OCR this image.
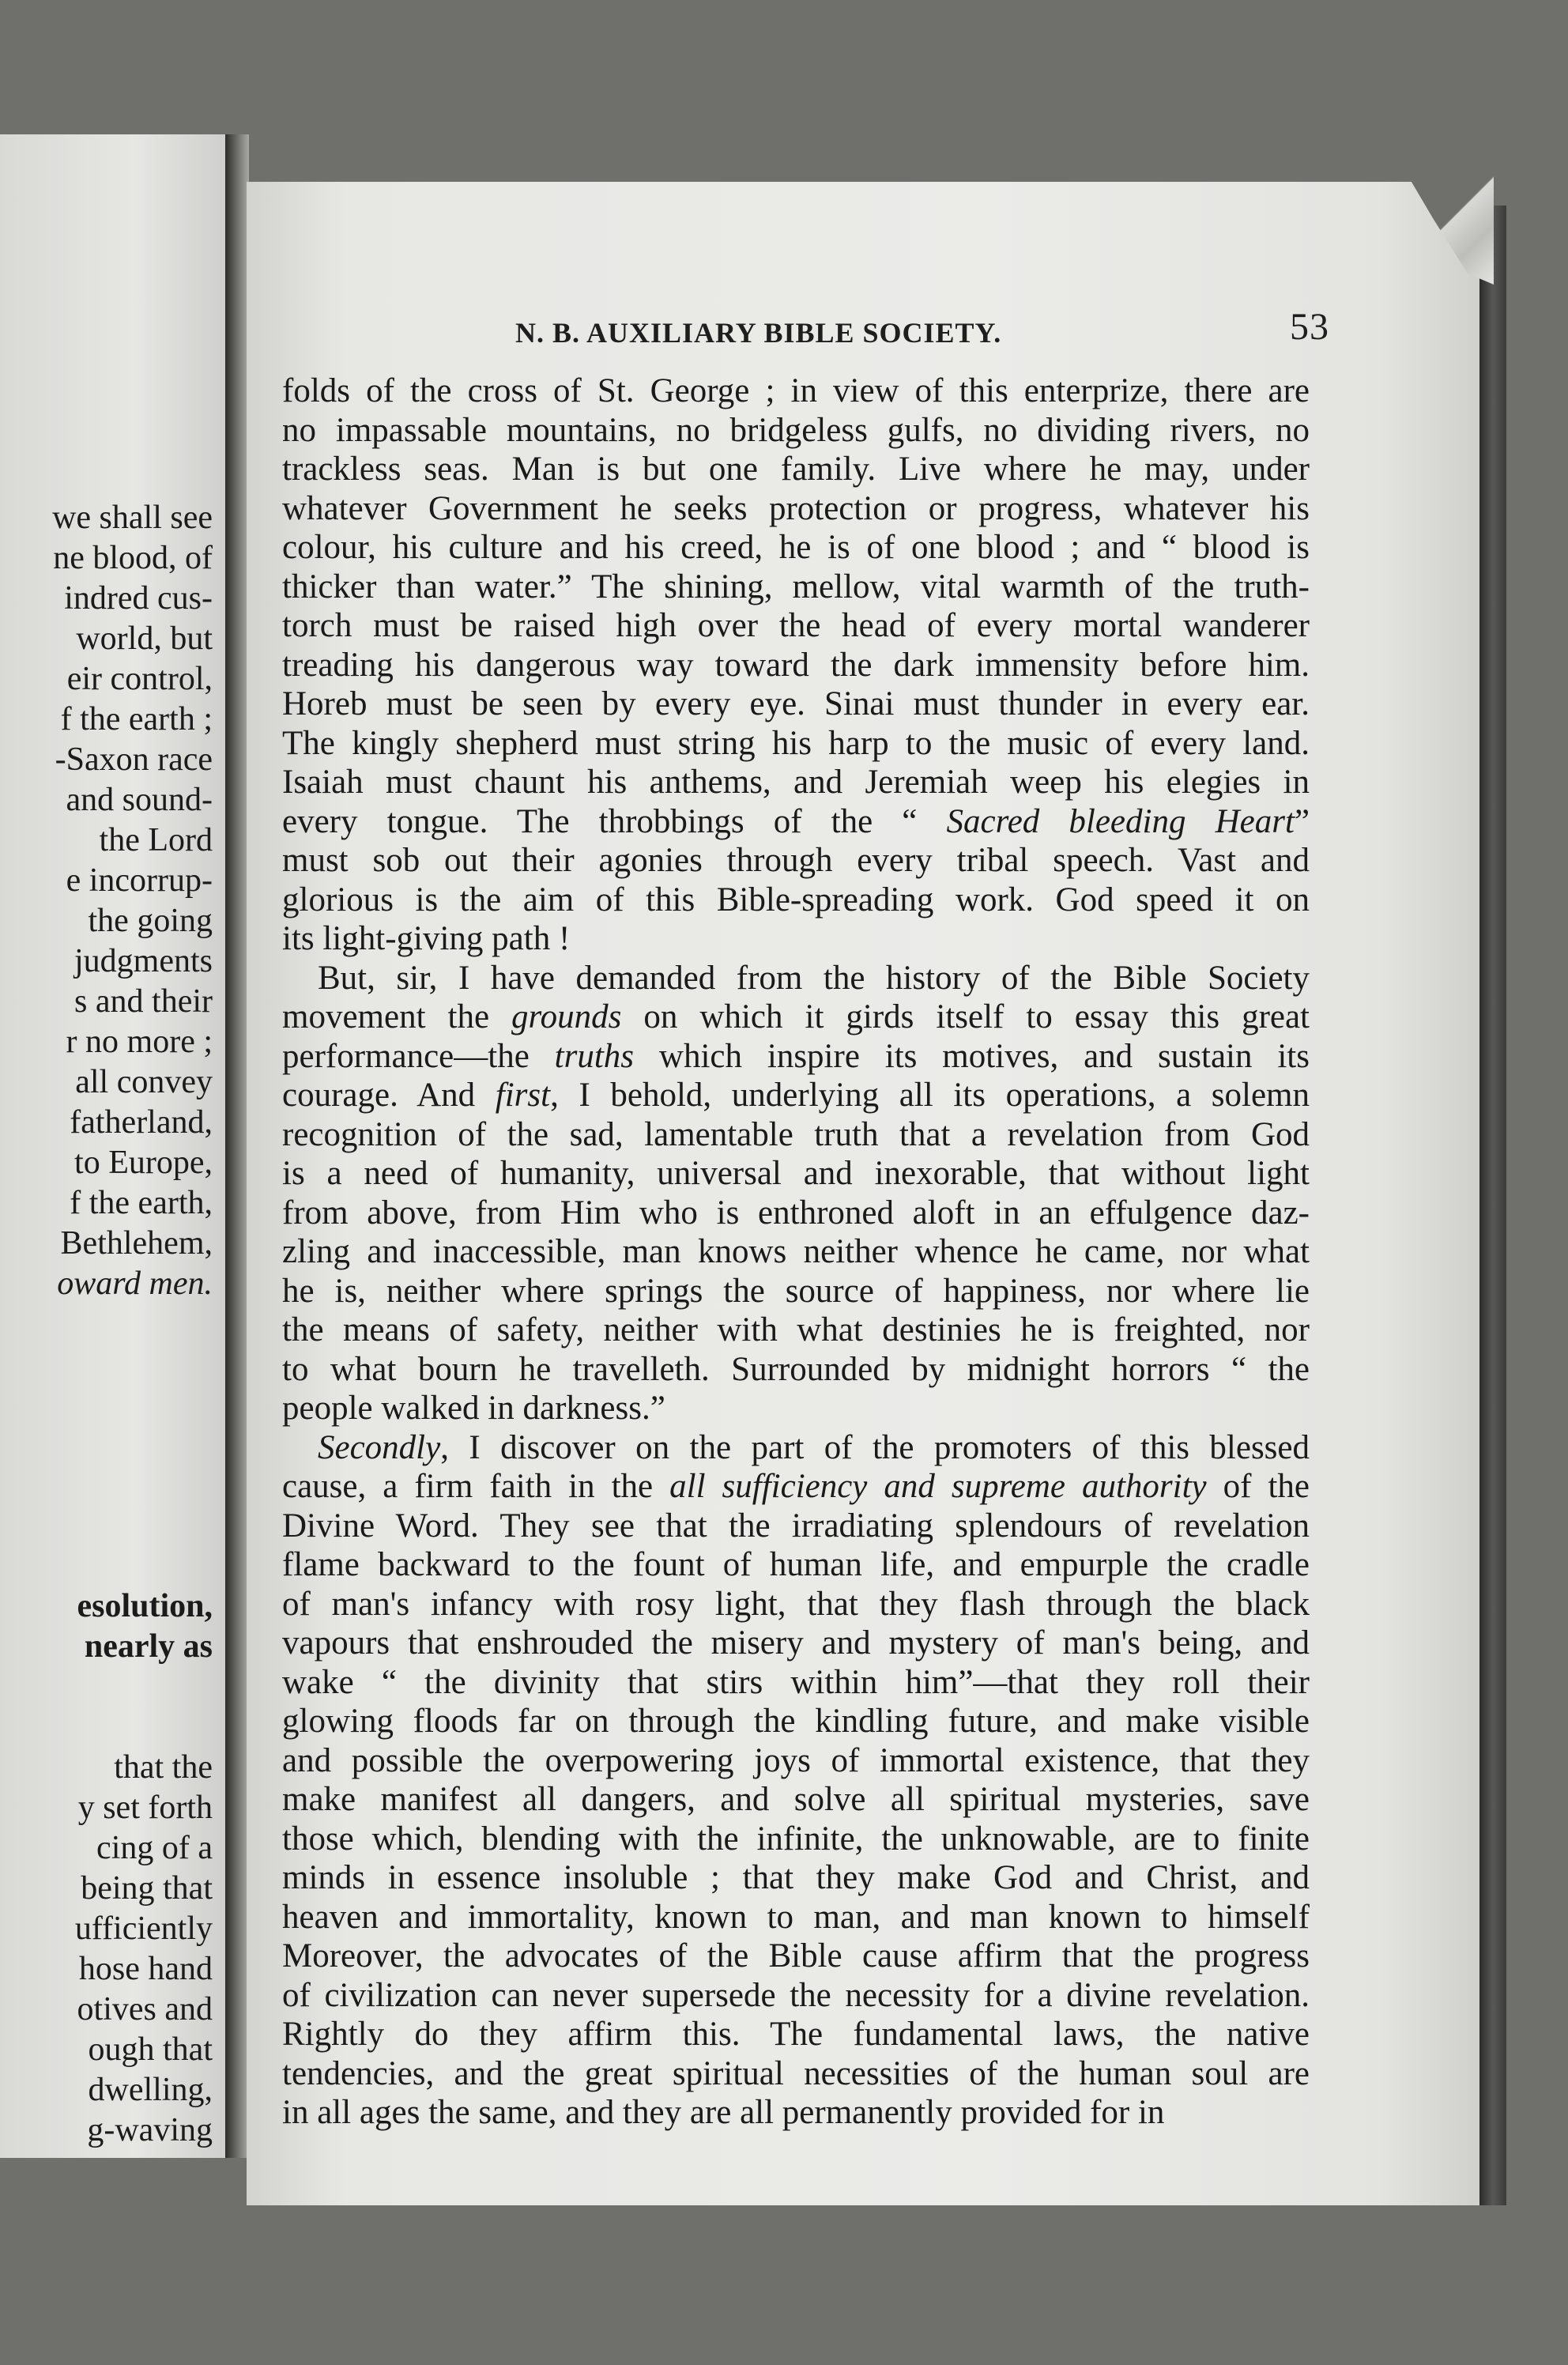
we shall see
ne blood, of
indred cus-
world, but
eir control,
f the earth ;
-Saxon race
and sound-
the Lord
e incorrup-
the going
judgments
s and their
r no more ;
all convey
fatherland,
to Europe,
f the earth,
Bethlehem,
oward men.
esolution,
nearly as
that the
y set forth
cing of a
being that
ufficiently
hose hand
otives and
ough that
dwelling,
g-waving
N. B. AUXILIARY BIBLE SOCIETY.	53
folds of the cross of St. George ; in view of this enterprize, there are
no impassable mountains, no bridgeless gulfs, no dividing rivers, no
trackless seas. Man is but one family. Live where he may, under
whatever Government he seeks protection or progress, whatever his
colour, his culture and his creed, he is of one blood ; and “ blood is
thicker than water.” The shining, mellow, vital warmth of the truth-
torch must be raised high over the head of every mortal wanderer
treading his dangerous way toward the dark immensity before him.
Horeb must be seen by every eye. Sinai must thunder in every ear.
The kingly shepherd must string his harp to the music of every land.
Isaiah must chaunt his anthems, and Jeremiah weep his elegies in
every tongue. The throbbings of the “ Sacred bleeding Heart”
must sob out their agonies through every tribal speech. Vast and
glorious is the aim of this Bible-spreading work. God speed it on
its light-giving path !
But, sir, I have demanded from the history of the Bible Society
movement the grounds on which it girds itself to essay this great
performance—the truths which inspire its motives, and sustain its
courage. And first, I behold, underlying all its operations, a solemn
recognition of the sad, lamentable truth that a revelation from God
is a need of humanity, universal and inexorable, that without light
from above, from Him who is enthroned aloft in an effulgence daz-
zling and inaccessible, man knows neither whence he came, nor what
he is, neither where springs the source of happiness, nor where lie
the means of safety, neither with what destinies he is freighted, nor
to what bourn he travelleth. Surrounded by midnight horrors “ the
people walked in darkness.”
Secondly, I discover on the part of the promoters of this blessed
cause, a firm faith in the all sufficiency and supreme authority of the
Divine Word. They see that the irradiating splendours of revelation
flame backward to the fount of human life, and empurple the cradle
of man's infancy with rosy light, that they flash through the black
vapours that enshrouded the misery and mystery of man's being, and
wake “ the divinity that stirs within him”—that they roll their
glowing floods far on through the kindling future, and make visible
and possible the overpowering joys of immortal existence, that they
make manifest all dangers, and solve all spiritual mysteries, save
those which, blending with the infinite, the unknowable, are to finite
minds in essence insoluble ; that they make God and Christ, and
heaven and immortality, known to man, and man known to himself
Moreover, the advocates of the Bible cause affirm that the progress
of civilization can never supersede the necessity for a divine revelation.
Rightly do they affirm this. The fundamental laws, the native
tendencies, and the great spiritual necessities of the human soul are
in all ages the same, and they are all permanently provided for in
